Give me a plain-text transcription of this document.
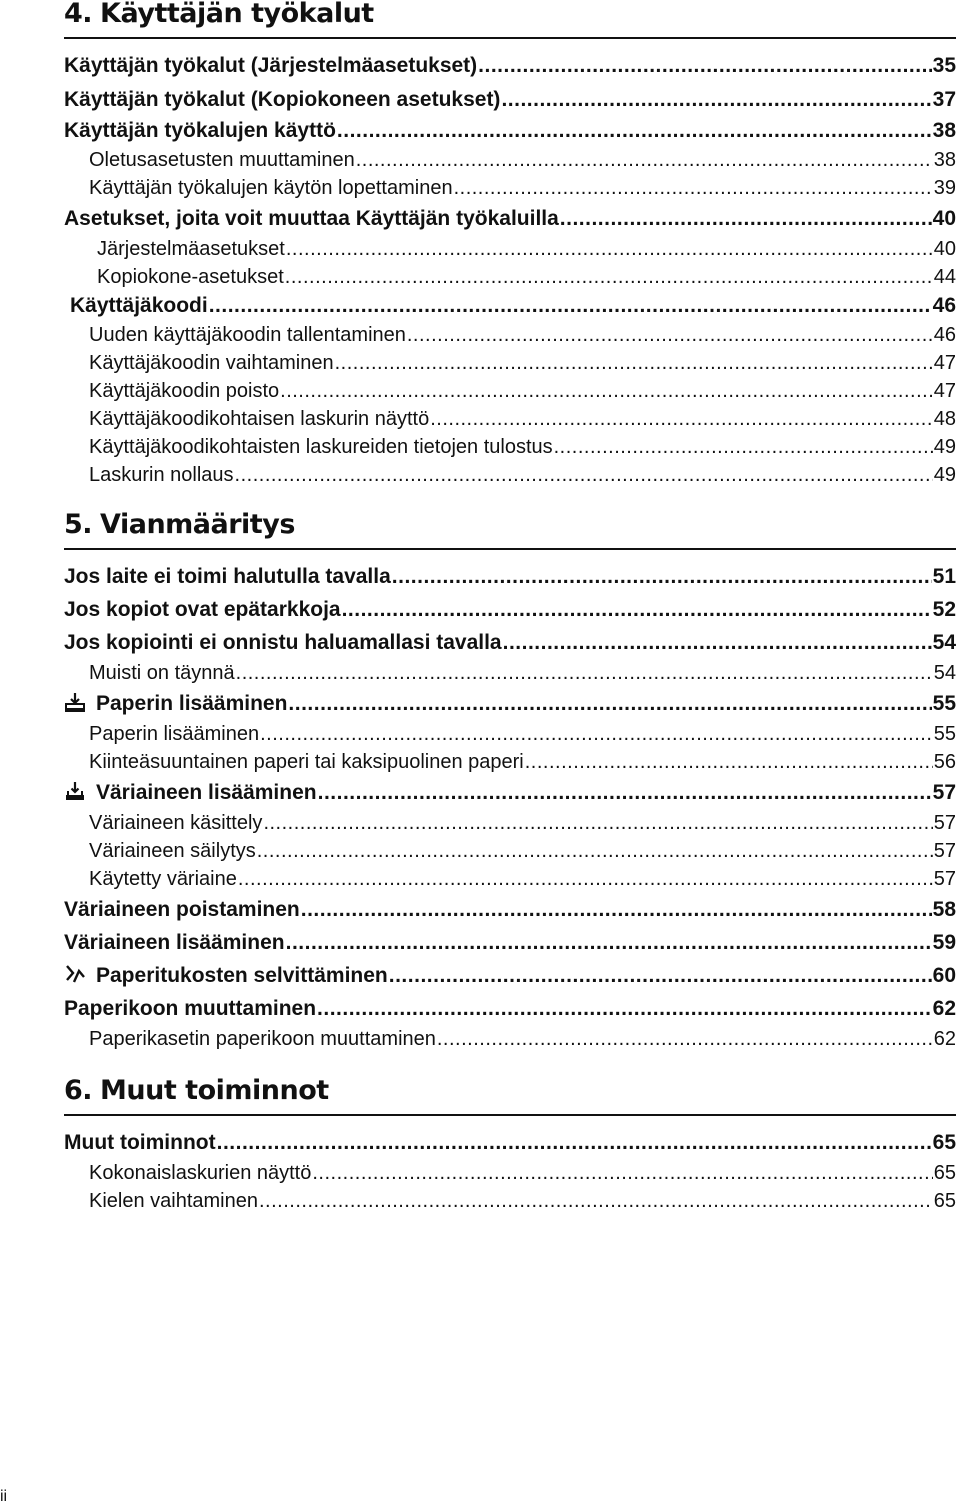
4. Käyttäjän työkalut
Käyttäjän työkalut (Järjestelmäasetukset) .....	35
Käyttäjän työkalut (Kopiokoneen asetukset) .....	37
Käyttäjän työkalujen käyttö .....	38
Oletusasetusten muuttaminen .....	38
Käyttäjän työkalujen käytön lopettaminen .....	39
Asetukset, joita voit muuttaa Käyttäjän työkaluilla .....	40
Järjestelmäasetukset .....	40
Kopiokone-asetukset .....	44
Käyttäjäkoodi .....	46
Uuden käyttäjäkoodin tallentaminen .....	46
Käyttäjäkoodin vaihtaminen .....	47
Käyttäjäkoodin poisto .....	47
Käyttäjäkoodikohtaisen laskurin näyttö .....	48
Käyttäjäkoodikohtaisten laskureiden tietojen tulostus .....	49
Laskurin nollaus .....	49
5. Vianmääritys
Jos laite ei toimi halutulla tavalla .....	51
Jos kopiot ovat epätarkkoja .....	52
Jos kopiointi ei onnistu haluamallasi tavalla .....	54
Muisti on täynnä .....	54
Paperin lisääminen .....	55
Paperin lisääminen .....	55
Kiinteäsuuntainen paperi tai kaksipuolinen paperi .....	56
Väriaineen lisääminen .....	57
Väriaineen käsittely .....	57
Väriaineen säilytys .....	57
Käytetty väriaine .....	57
Väriaineen poistaminen .....	58
Väriaineen lisääminen .....	59
Paperitukosten selvittäminen .....	60
Paperikoon muuttaminen .....	62
Paperikasetin paperikoon muuttaminen .....	62
6. Muut toiminnot
Muut toiminnot .....	65
Kokonaislaskurien näyttö .....	65
Kielen vaihtaminen .....	65
ii
